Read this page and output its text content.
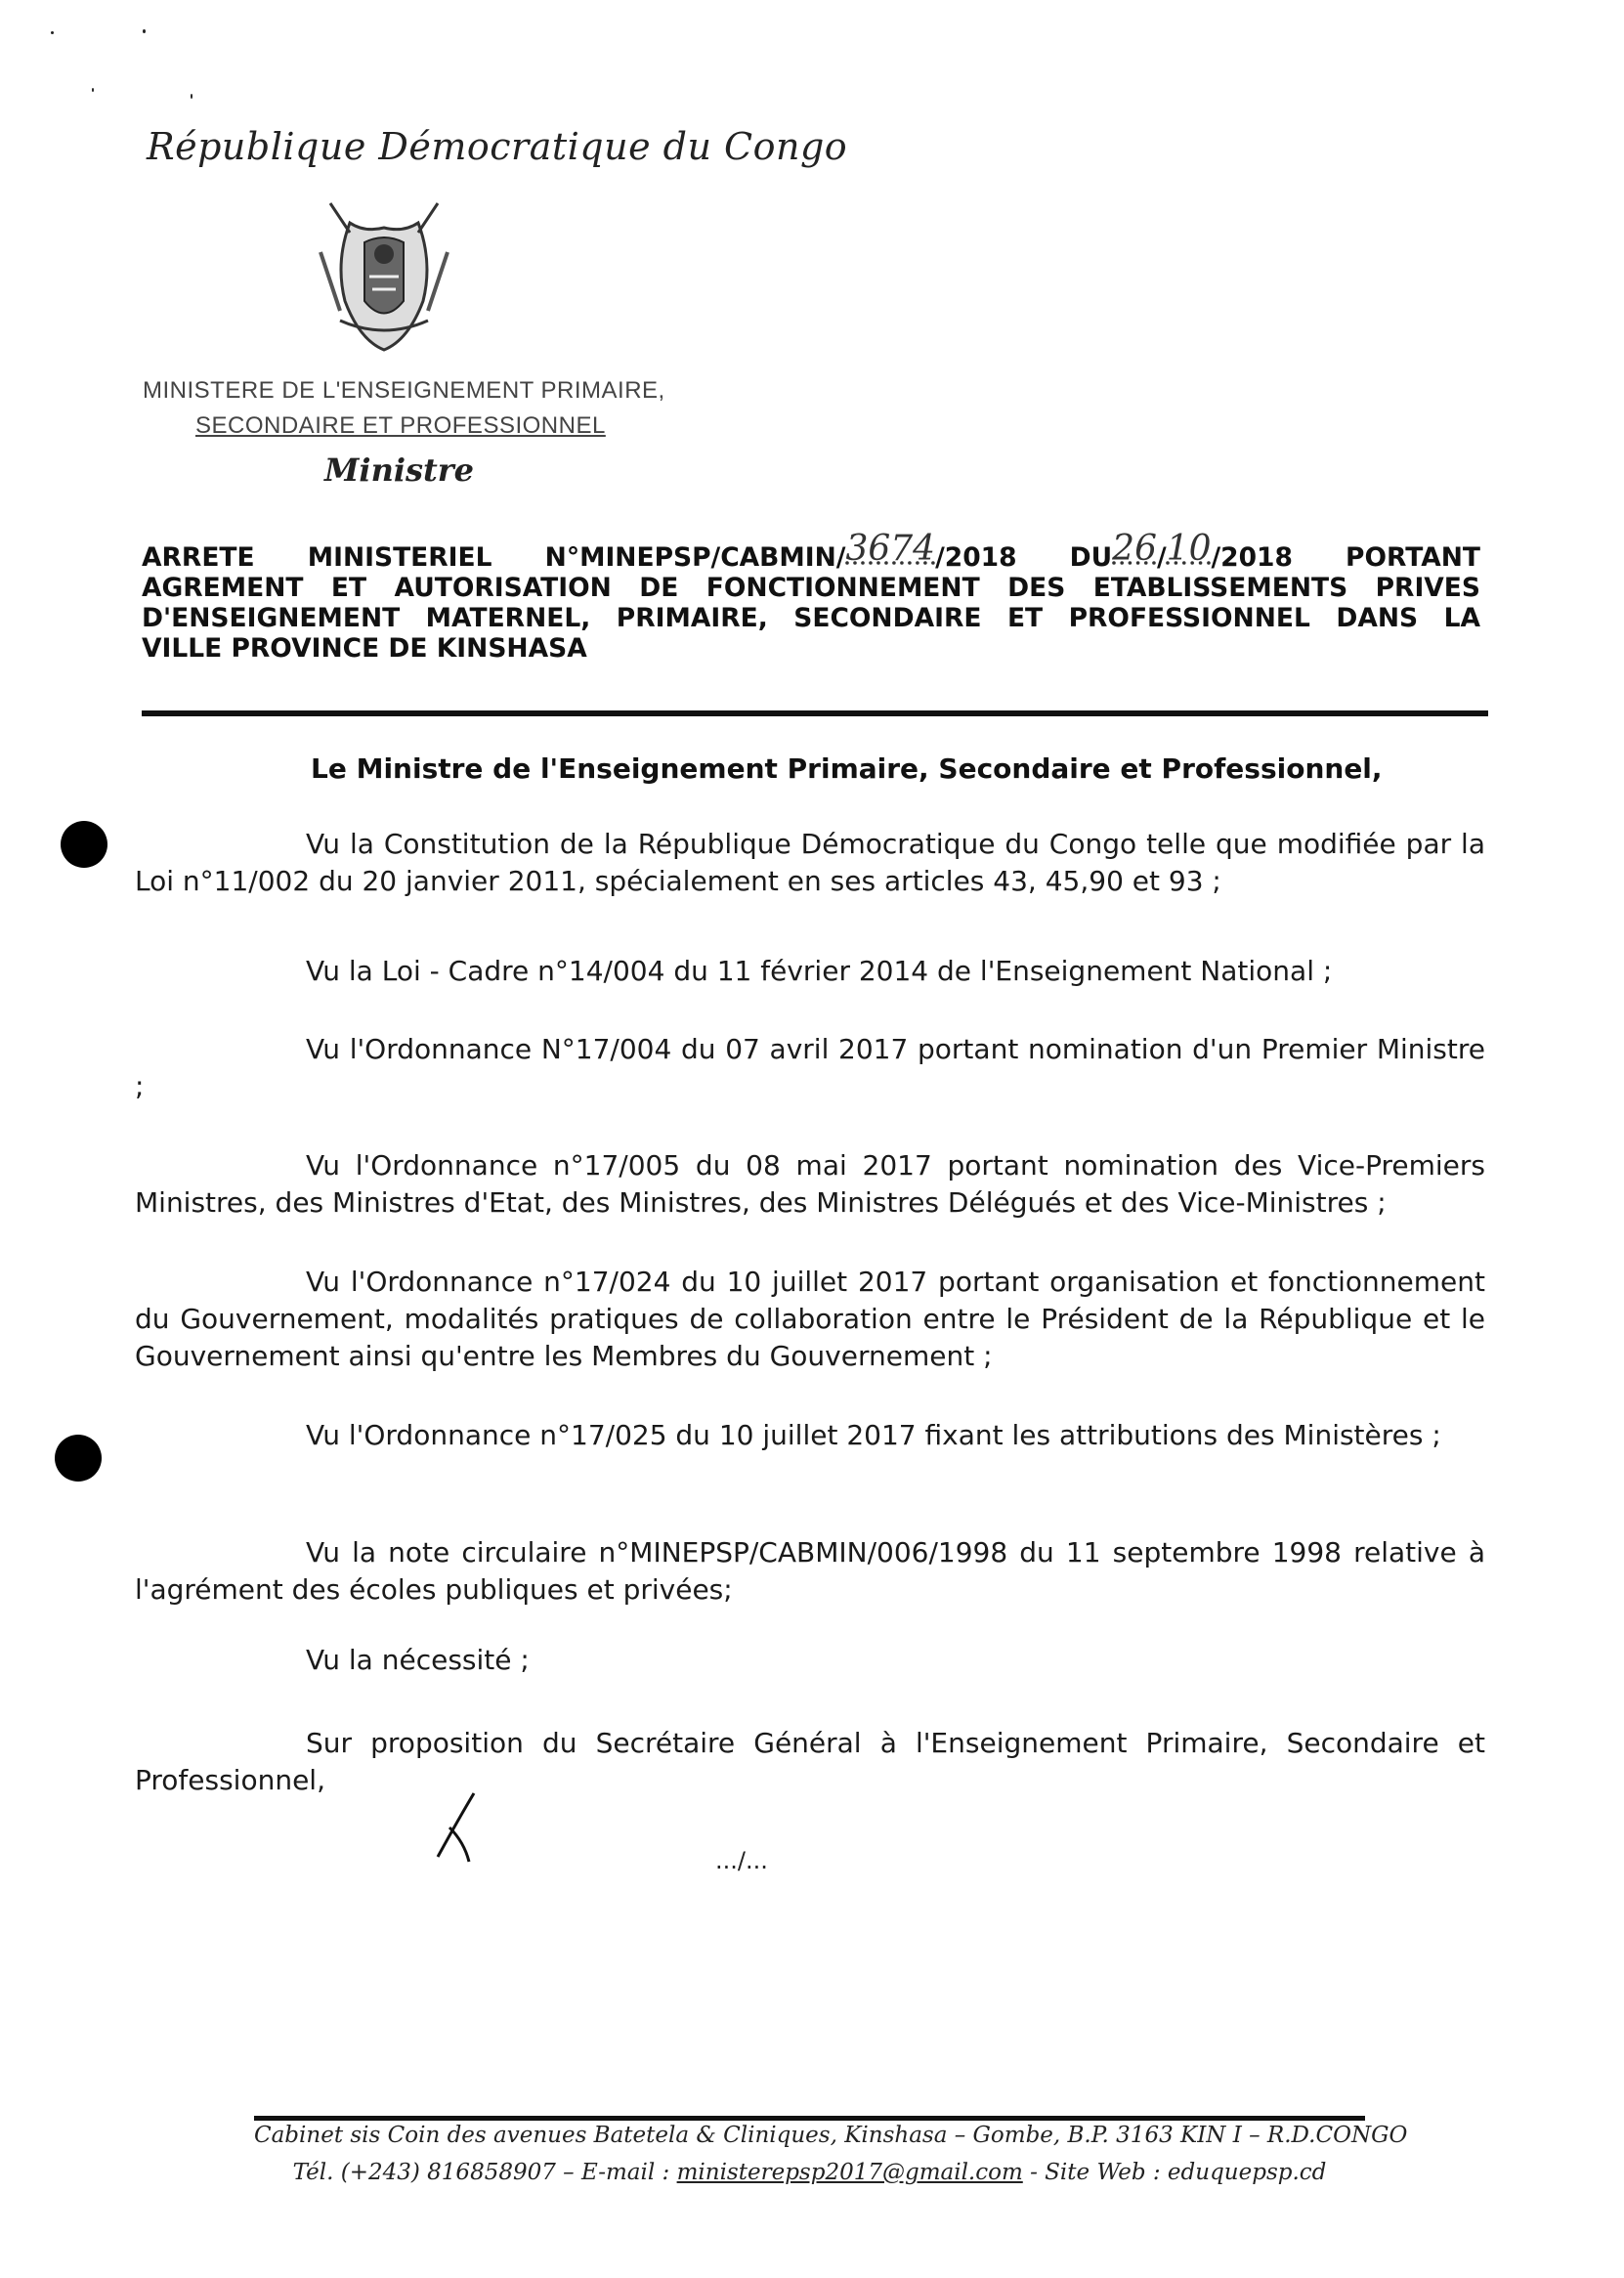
République Démocratique du Congo
MINISTERE DE L'ENSEIGNEMENT PRIMAIRE,
SECONDAIRE ET PROFESSIONNEL
Ministre
ARRETE MINISTERIEL N°MINEPSP/CABMIN/3674/2018 DU26/10/2018 PORTANT
AGREMENT ET AUTORISATION DE FONCTIONNEMENT DES ETABLISSEMENTS PRIVES
D'ENSEIGNEMENT MATERNEL, PRIMAIRE, SECONDAIRE ET PROFESSIONNEL DANS LA
VILLE PROVINCE DE KINSHASA
Le Ministre de l'Enseignement Primaire, Secondaire et Professionnel,
Vu la Constitution de la République Démocratique du Congo telle que modifiée par la Loi n°11/002 du 20 janvier 2011, spécialement en ses articles 43, 45,90 et 93 ;
Vu la Loi - Cadre n°14/004 du 11 février 2014 de l'Enseignement National ;
Vu l'Ordonnance N°17/004 du 07 avril 2017 portant nomination d'un Premier Ministre ;
Vu l'Ordonnance n°17/005 du 08 mai 2017 portant nomination des Vice-Premiers Ministres, des Ministres d'Etat, des Ministres, des Ministres Délégués et des Vice-Ministres ;
Vu l'Ordonnance n°17/024 du 10 juillet 2017 portant organisation et fonctionnement du Gouvernement, modalités pratiques de collaboration entre le Président de la République et le Gouvernement ainsi qu'entre les Membres du Gouvernement ;
Vu l'Ordonnance n°17/025 du 10 juillet 2017 fixant les attributions des Ministères ;
Vu la note circulaire n°MINEPSP/CABMIN/006/1998 du 11 septembre 1998 relative à l'agrément des écoles publiques et privées;
Vu la nécessité ;
Sur proposition du Secrétaire Général à l'Enseignement Primaire, Secondaire et Professionnel,
.../...
Cabinet sis Coin des avenues Batetela & Cliniques, Kinshasa – Gombe, B.P. 3163 KIN I – R.D.CONGO
Tél. (+243) 816858907 – E-mail : ministerepsp2017@gmail.com - Site Web : eduquepsp.cd
